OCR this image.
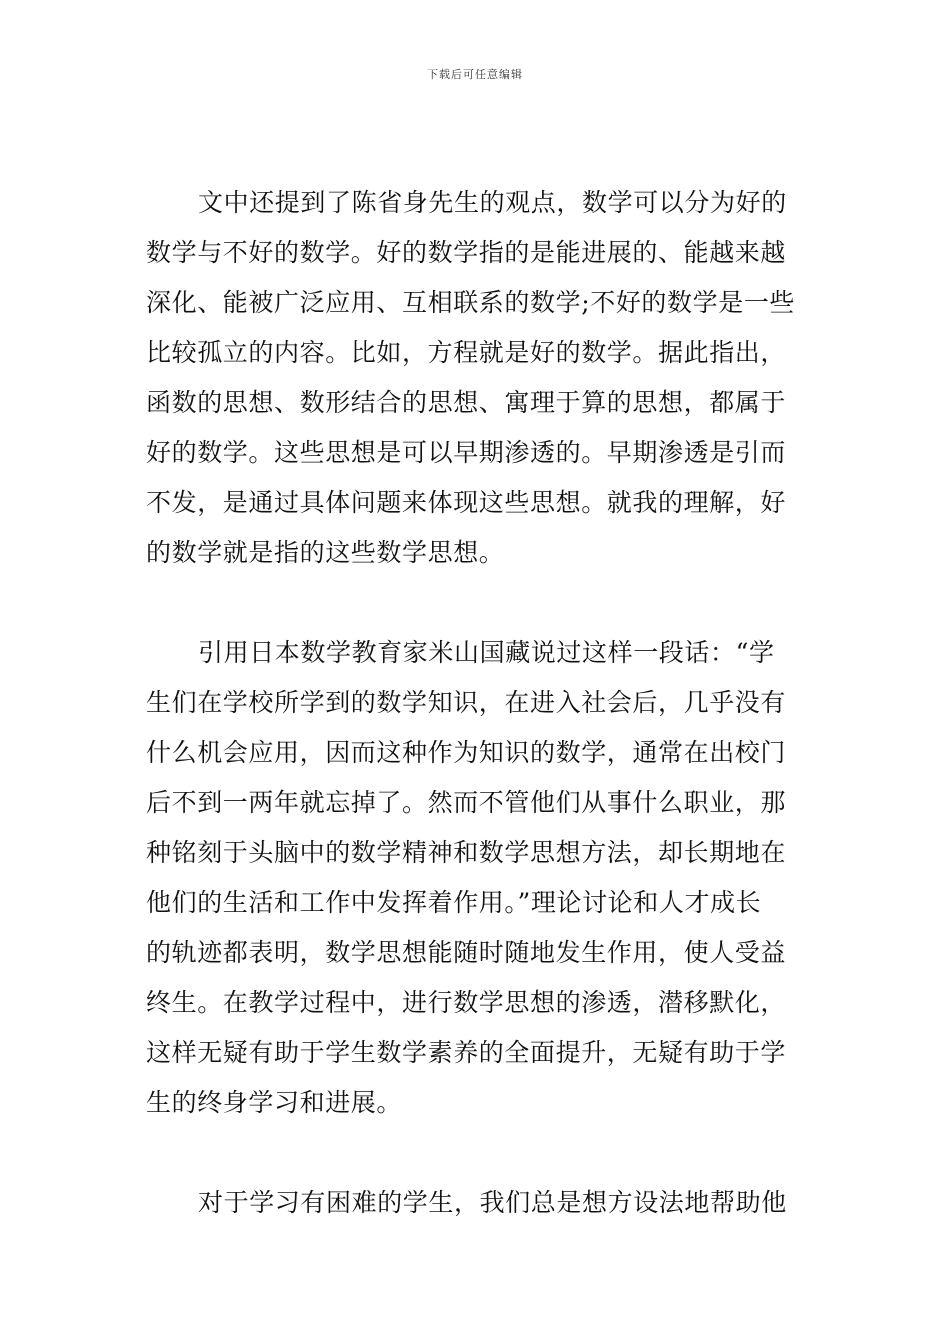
下载后可任意编辑

文中还提到了陈省身先生的观点，数学可以分为好的
数学与不好的数学。好的数学指的是能进展的、能越来越
深化、能被广泛应用、互相联系的数学;不好的数学是一些
比较孤立的内容。比如，方程就是好的数学。据此指出，
函数的思想、数形结合的思想、寓理于算的思想，都属于
好的数学。这些思想是可以早期渗透的。早期渗透是引而
不发，是通过具体问题来体现这些思想。就我的理解，好
的数学就是指的这些数学思想。

引用日本数学教育家米山国藏说过这样一段话：“学
生们在学校所学到的数学知识，在进入社会后，几乎没有
什么机会应用，因而这种作为知识的数学，通常在出校门
后不到一两年就忘掉了。然而不管他们从事什么职业，那
种铭刻于头脑中的数学精神和数学思想方法，却长期地在
他们的生活和工作中发挥着作用。”理论讨论和人才成长
的轨迹都表明，数学思想能随时随地发生作用，使人受益
终生。在教学过程中，进行数学思想的渗透，潜移默化，
这样无疑有助于学生数学素养的全面提升，无疑有助于学
生的终身学习和进展。

对于学习有困难的学生，我们总是想方设法地帮助他
